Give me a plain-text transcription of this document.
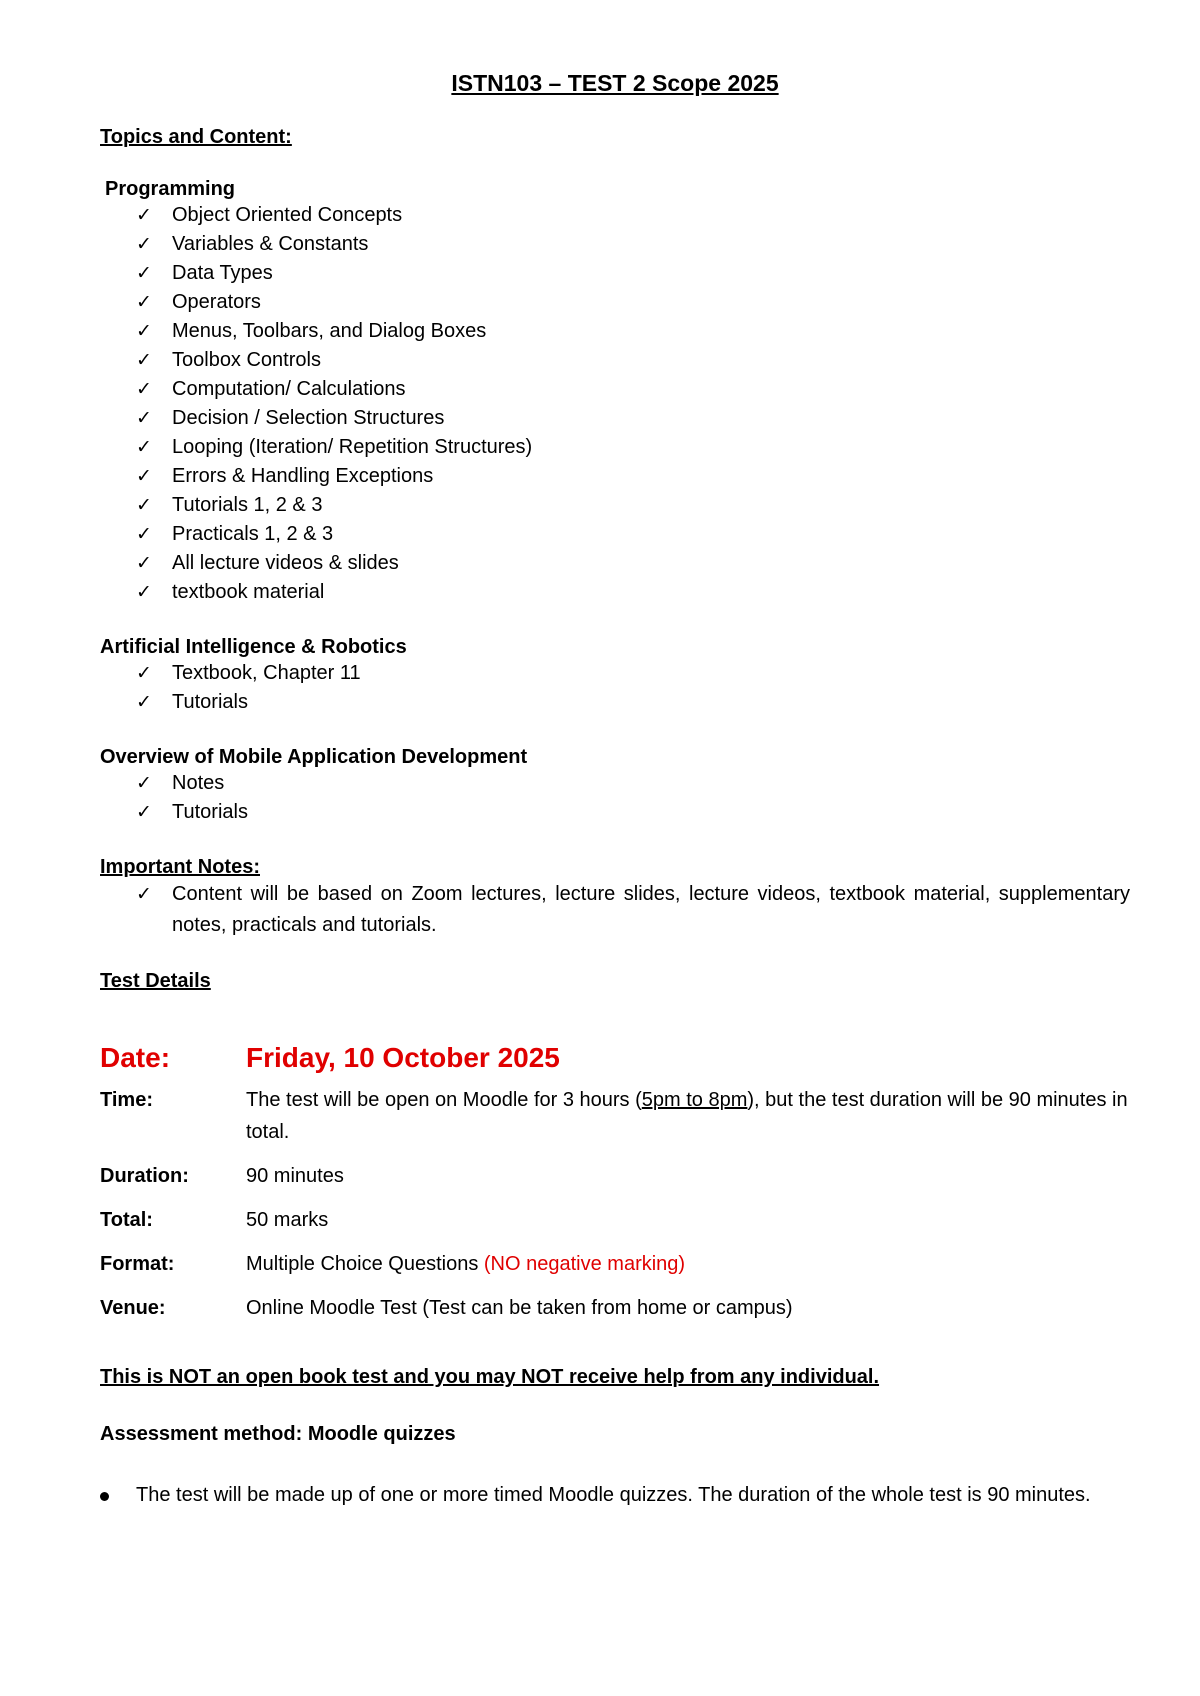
ISTN103 – TEST 2 Scope 2025
Topics and Content:
Programming
✓	Object Oriented Concepts
✓	Variables & Constants
✓	Data Types
✓	Operators
✓	Menus, Toolbars, and Dialog Boxes
✓	Toolbox Controls
✓	Computation/ Calculations
✓	Decision / Selection Structures
✓	Looping (Iteration/ Repetition Structures)
✓	Errors & Handling Exceptions
✓	Tutorials 1, 2 & 3
✓	Practicals 1, 2 & 3
✓	All lecture videos & slides
✓	textbook material
Artificial Intelligence & Robotics
✓	Textbook, Chapter 11
✓	Tutorials
Overview of Mobile Application Development
✓	Notes
✓	Tutorials
Important Notes:
✓	Content will be based on Zoom lectures, lecture slides, lecture videos, textbook material, supplementary notes, practicals and tutorials.
Test Details
Date:	Friday, 10 October 2025
Time:	The test will be open on Moodle for 3 hours (5pm to 8pm), but the test duration will be 90 minutes in total.
Duration:	90 minutes
Total:	50 marks
Format:	Multiple Choice Questions (NO negative marking)
Venue:	Online Moodle Test (Test can be taken from home or campus)
This is NOT an open book test and you may NOT receive help from any individual.
Assessment method: Moodle quizzes
The test will be made up of one or more timed Moodle quizzes. The duration of the whole test is 90 minutes.
